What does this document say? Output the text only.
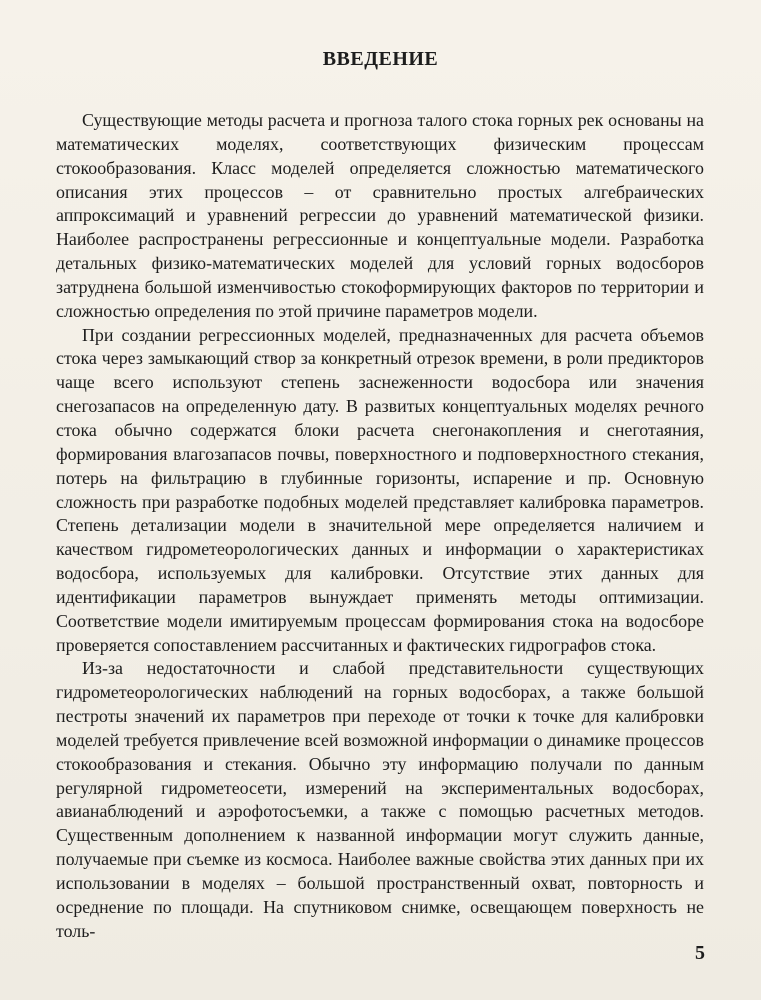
ВВЕДЕНИЕ

Существующие методы расчета и прогноза талого стока горных рек основаны на математических моделях, соответствующих физическим процессам стокообразования. Класс моделей определяется сложностью математического описания этих процессов – от сравнительно простых алгебраических аппроксимаций и уравнений регрессии до уравнений математической физики. Наиболее распространены регрессионные и концептуальные модели. Разработка детальных физико-математических моделей для условий горных водосборов затруднена большой изменчивостью стокоформирующих факторов по территории и сложностью определения по этой причине параметров модели.

При создании регрессионных моделей, предназначенных для расчета объемов стока через замыкающий створ за конкретный отрезок времени, в роли предикторов чаще всего используют степень заснеженности водосбора или значения снегозапасов на определенную дату. В развитых концептуальных моделях речного стока обычно содержатся блоки расчета снегонакопления и снеготаяния, формирования влагозапасов почвы, поверхностного и подповерхностного стекания, потерь на фильтрацию в глубинные горизонты, испарение и пр. Основную сложность при разработке подобных моделей представляет калибровка параметров. Степень детализации модели в значительной мере определяется наличием и качеством гидрометеорологических данных и информации о характеристиках водосбора, используемых для калибровки. Отсутствие этих данных для идентификации параметров вынуждает применять методы оптимизации. Соответствие модели имитируемым процессам формирования стока на водосборе проверяется сопоставлением рассчитанных и фактических гидрографов стока.

Из-за недостаточности и слабой представительности существующих гидрометеорологических наблюдений на горных водосборах, а также большой пестроты значений их параметров при переходе от точки к точке для калибровки моделей требуется привлечение всей возможной информации о динамике процессов стокообразования и стекания. Обычно эту информацию получали по данным регулярной гидрометеосети, измерений на экспериментальных водосборах, авианаблюдений и аэрофотосъемки, а также с помощью расчетных методов. Существенным дополнением к названной информации могут служить данные, получаемые при съемке из космоса. Наиболее важные свойства этих данных при их использовании в моделях – большой пространственный охват, повторность и осреднение по площади. На спутниковом снимке, освещающем поверхность не толь-

5
